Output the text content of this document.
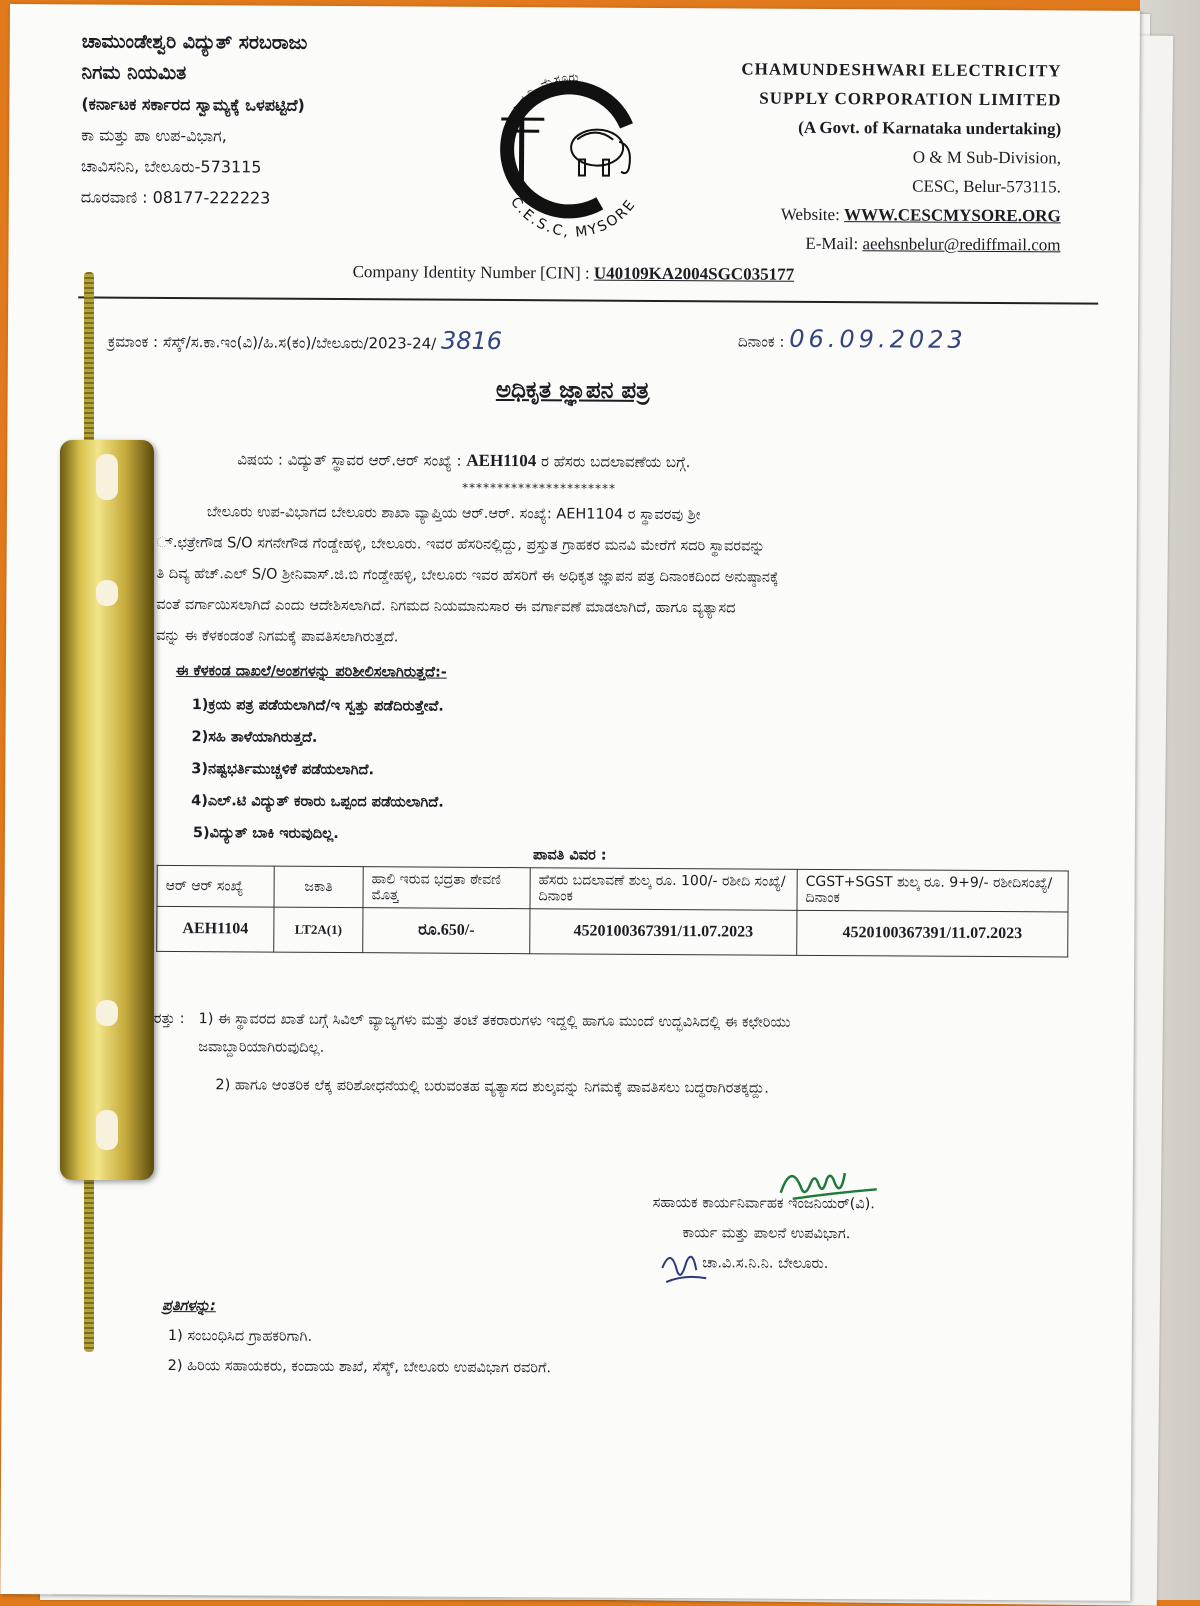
ಚಾಮುಂಡೇಶ್ವರಿ ವಿದ್ಯುತ್ ಸರಬರಾಜು
ನಿಗಮ ನಿಯಮಿತ
(ಕರ್ನಾಟಕ ಸರ್ಕಾರದ ಸ್ವಾಮ್ಯಕ್ಕೆ ಒಳಪಟ್ಟಿದೆ)
ಕಾ ಮತ್ತು ಪಾ ಉಪ-ವಿಭಾಗ,
ಚಾವಿಸನಿನಿ, ಬೇಲೂರು-573115
ದೂರವಾಣಿ : 08177-222223
ಚಾ.ವಿ.ಸ.ನಿ. ಮೈಸೂರು
C.E.S.C, MYSORE
CHAMUNDESHWARI ELECTRICITY
SUPPLY CORPORATION LIMITED
(A Govt. of Karnataka undertaking)
O & M Sub-Division,
CESC, Belur-573115.
Website: WWW.CESCMYSORE.ORG
E-Mail: aeehsnbelur@rediffmail.com
Company Identity Number [CIN] : U40109KA2004SGC035177
ಕ್ರಮಾಂಕ : ಸೆಸ್ಕ್/ಸ.ಕಾ.ಇಂ(ವಿ)/ಹಿ.ಸ(ಕಂ)/ಬೇಲೂರು/2023-24/ 3816	ದಿನಾಂಕ : 06.09.2023
ಅಧಿಕೃತ ಜ್ಞಾಪನ ಪತ್ರ
ವಿಷಯ : ವಿದ್ಯುತ್ ಸ್ಥಾವರ ಆರ್.ಆರ್ ಸಂಖ್ಯೆ : AEH1104 ರ ಹೆಸರು ಬದಲಾವಣೆಯ ಬಗ್ಗೆ.
**********************
ಬೇಲೂರು ಉಪ-ವಿಭಾಗದ ಬೇಲೂರು ಶಾಖಾ ವ್ಯಾಪ್ತಿಯ ಆರ್.ಆರ್. ಸಂಖ್ಯೆ: AEH1104 ರ ಸ್ಥಾವರವು ಶ್ರೀ
್.ಛತ್ರೇಗೌಡ S/O ಸಗನೇಗೌಡ ಗೆಂಡ್ಡೇಹಳ್ಳಿ, ಬೇಲೂರು. ಇವರ ಹೆಸರಿನಲ್ಲಿದ್ದು, ಪ್ರಸ್ತುತ ಗ್ರಾಹಕರ ಮನವಿ ಮೇರೆಗೆ ಸದರಿ ಸ್ಥಾವರವನ್ನು
ತಿ ದಿವ್ಯ ಹೆಚ್.ಎಲ್ S/O ಶ್ರೀನಿವಾಸ್.ಜಿ.ಬಿ ಗೆಂಡ್ಡೇಹಳ್ಳಿ, ಬೇಲೂರು ಇವರ ಹೆಸರಿಗೆ ಈ ಅಧಿಕೃತ ಜ್ಞಾಪನ ಪತ್ರ ದಿನಾಂಕದಿಂದ ಅನುಷ್ಠಾನಕ್ಕೆ
ವಂತೆ ವರ್ಗಾಯಿಸಲಾಗಿದೆ ಎಂದು ಆದೇಶಿಸಲಾಗಿದೆ. ನಿಗಮದ ನಿಯಮಾನುಸಾರ ಈ ವರ್ಗಾವಣೆ ಮಾಡಲಾಗಿದೆ, ಹಾಗೂ ವ್ಯತ್ಯಾಸದ
ವನ್ನು ಈ ಕೆಳಕಂಡಂತೆ ನಿಗಮಕ್ಕೆ ಪಾವತಿಸಲಾಗಿರುತ್ತದೆ.
ಈ ಕೆಳಕಂಡ ದಾಖಲೆ/ಅಂಶಗಳನ್ನು ಪರಿಶೀಲಿಸಲಾಗಿರುತ್ತದೆ:-
1)ಕ್ರಯ ಪತ್ರ ಪಡೆಯಲಾಗಿದೆ/ಇ ಸ್ವತ್ತು ಪಡೆದಿರುತ್ತೇವೆ.
2)ಸಹಿ ತಾಳೆಯಾಗಿರುತ್ತದೆ.
3)ನಷ್ಟಭರ್ತಿಮುಚ್ಚಳಿಕೆ ಪಡೆಯಲಾಗಿದೆ.
4)ಎಲ್.ಟಿ ವಿದ್ಯುತ್ ಕರಾರು ಒಪ್ಪಂದ ಪಡೆಯಲಾಗಿದೆ.
5)ವಿದ್ಯುತ್ ಬಾಕಿ ಇರುವುದಿಲ್ಲ.
ಪಾವತಿ ವಿವರ :
ಆರ್ ಆರ್ ಸಂಖ್ಯೆ	ಜಕಾತಿ	ಹಾಲಿ ಇರುವ ಭದ್ರತಾ ಠೇವಣಿ ಮೊತ್ತ	ಹೆಸರು ಬದಲಾವಣೆ ಶುಲ್ಕ ರೂ. 100/- ರಶೀದಿ ಸಂಖ್ಯೆ/ದಿನಾಂಕ	CGST+SGST ಶುಲ್ಕ ರೂ. 9+9/- ರಶೀದಿಸಂಖ್ಯೆ/ದಿನಾಂಕ
AEH1104	LT2A(1)	ರೂ.650/-	4520100367391/11.07.2023	4520100367391/11.07.2023
ರತ್ತು : 1) ಈ ಸ್ಥಾವರದ ಖಾತೆ ಬಗ್ಗೆ ಸಿವಿಲ್ ವ್ಯಾಜ್ಯಗಳು ಮತ್ತು ತಂಟೆ ತಕರಾರುಗಳು ಇದ್ದಲ್ಲಿ ಹಾಗೂ ಮುಂದೆ ಉದ್ಭವಿಸಿದಲ್ಲಿ ಈ ಕಛೇರಿಯು ಜವಾಬ್ದಾರಿಯಾಗಿರುವುದಿಲ್ಲ.
2) ಹಾಗೂ ಆಂತರಿಕ ಲೆಕ್ಕ ಪರಿಶೋಧನೆಯಲ್ಲಿ ಬರುವಂತಹ ವ್ಯತ್ಯಾಸದ ಶುಲ್ಕವನ್ನು ನಿಗಮಕ್ಕೆ ಪಾವತಿಸಲು ಬದ್ಧರಾಗಿರತಕ್ಕದ್ದು.
ಸಹಾಯಕ ಕಾರ್ಯನಿರ್ವಾಹಕ ಇಂಜನಿಯರ್(ವಿ).
ಕಾರ್ಯ ಮತ್ತು ಪಾಲನೆ ಉಪವಿಭಾಗ.
ಚಾ.ವಿ.ಸ.ನಿ.ನಿ. ಬೇಲೂರು.
ಪ್ರತಿಗಳನ್ನು:
1) ಸಂಬಂಧಿಸಿದ ಗ್ರಾಹಕರಿಗಾಗಿ.
2) ಹಿರಿಯ ಸಹಾಯಕರು, ಕಂದಾಯ ಶಾಖೆ, ಸೆಸ್ಕ್, ಬೇಲೂರು ಉಪವಿಭಾಗ ರವರಿಗೆ.
